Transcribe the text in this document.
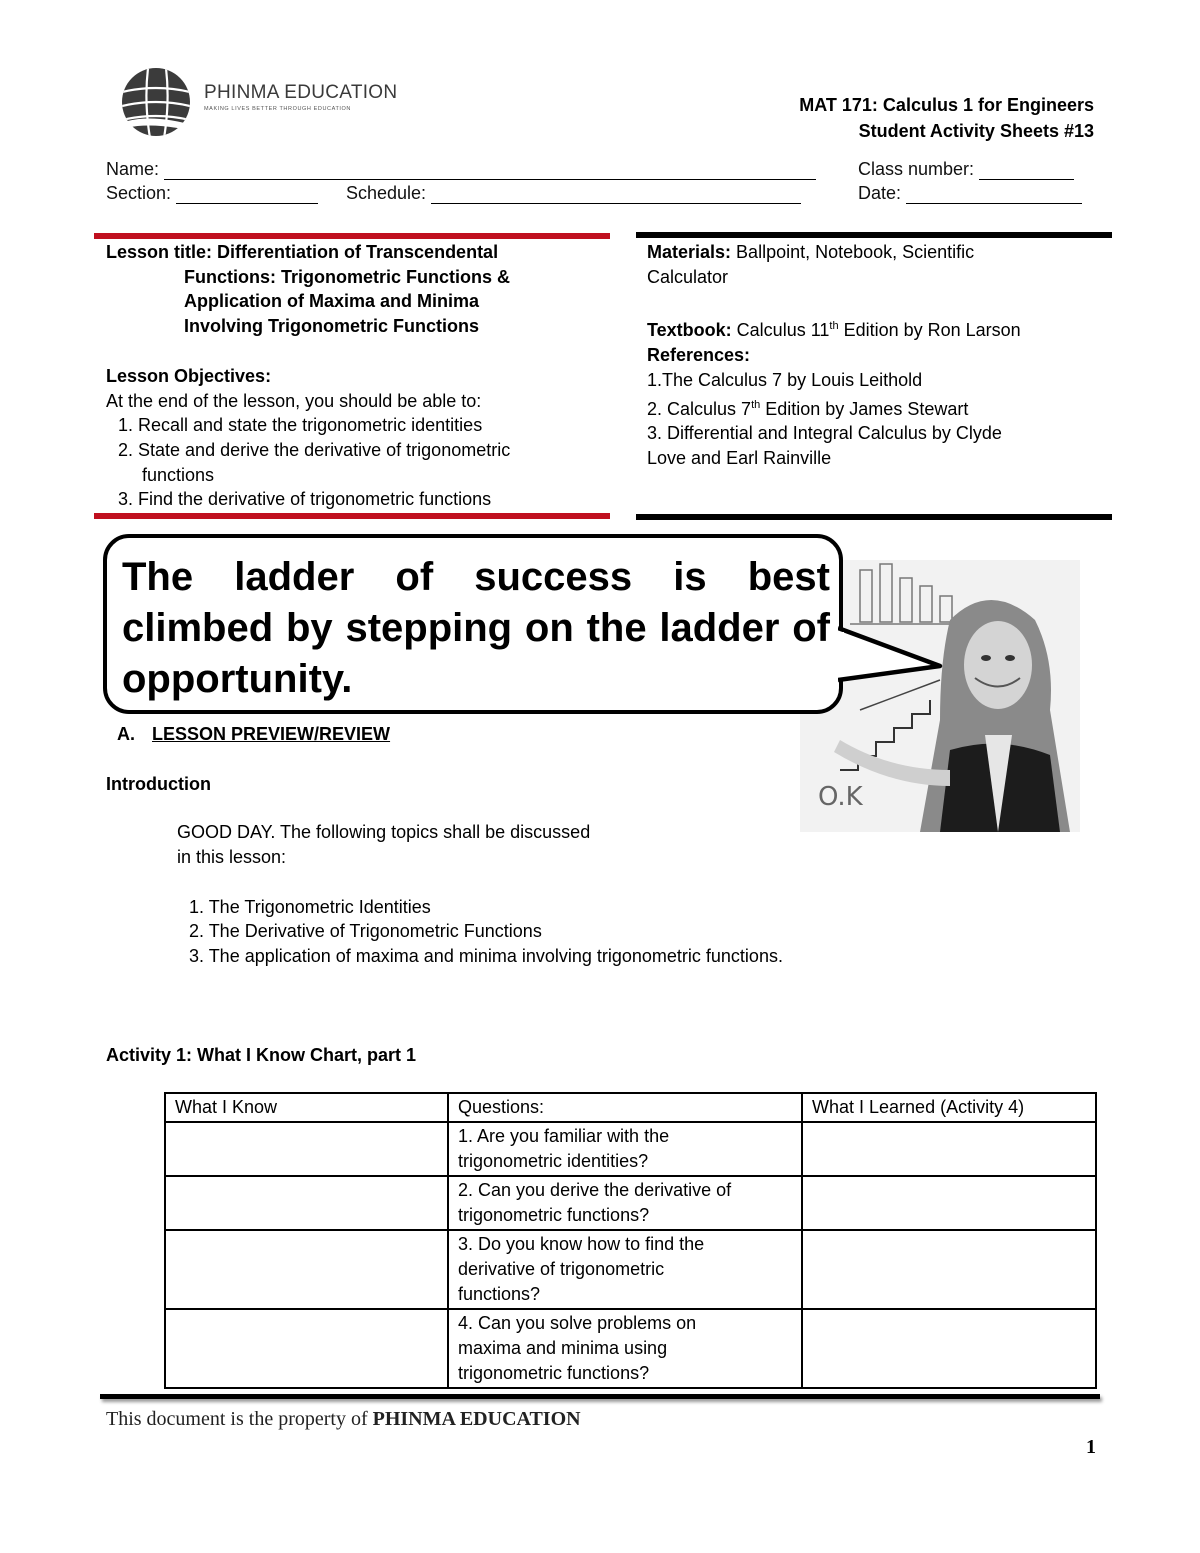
PHINMA EDUCATION
MAKING LIVES BETTER THROUGH EDUCATION	MAT 171: Calculus 1 for Engineers
Student Activity Sheets #13
Name:	Class number:
Section:	Schedule:	Date:
Lesson title: Differentiation of Transcendental
Functions: Trigonometric Functions &
Application of Maxima and Minima
Involving Trigonometric Functions
Lesson Objectives:
At the end of the lesson, you should be able to:
1. Recall and state the trigonometric identities
2. State and derive the derivative of trigonometric
functions
3. Find the derivative of trigonometric functions
Materials: Ballpoint, Notebook, Scientific
Calculator
Textbook: Calculus 11th Edition by Ron Larson
References:
1.The Calculus 7 by Louis Leithold
2. Calculus 7th Edition by James Stewart
3. Differential and Integral Calculus by Clyde
Love and Earl Rainville
O.K
The ladder of success is best climbed by stepping on the ladder of opportunity.
A. LESSON PREVIEW/REVIEW
Introduction
GOOD DAY. The following topics shall be discussed
in this lesson:
1. The Trigonometric Identities
2. The Derivative of Trigonometric Functions
3. The application of maxima and minima involving trigonometric functions.
Activity 1: What I Know Chart, part 1
What I Know	Questions:	What I Learned (Activity 4)

	1. Are you familiar with the
trigonometric identities?	

	2. Can you derive the derivative of
trigonometric functions?	

	3. Do you know how to find the
derivative of trigonometric
functions?	

	4. Can you solve problems on
maxima and minima using
trigonometric functions?	

This document is the property of PHINMA EDUCATION
1
